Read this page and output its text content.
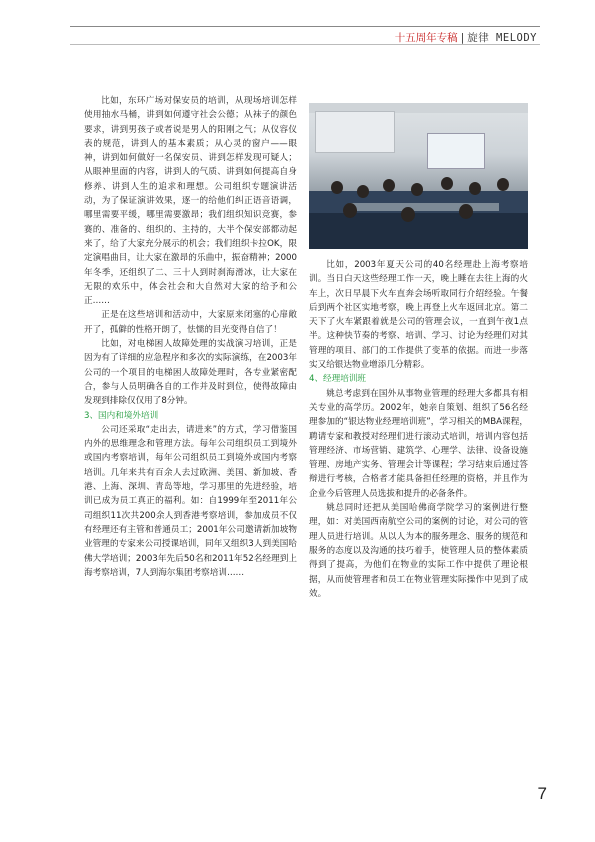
十五周年专稿 | 旋律 MELODY

比如，东环广场对保安员的培训，从现场培训怎样使用抽水马桶，讲到如何遵守社会公德；从袜子的颜色要求，讲到男孩子或者说是男人的阳刚之气；从仪容仪表的规范，讲到人的基本素质；从心灵的窗户——眼神，讲到如何做好一名保安员、讲到怎样发现可疑人；从眼神里面的内容，讲到人的气质、讲到如何提高自身修养、讲到人生的追求和理想。公司组织专题演讲活动，为了保证演讲效果，逐一的给他们纠正语音语调，哪里需要平缓，哪里需要激昂；我们组织知识竞赛，参赛的、准备的、组织的、主持的，大半个保安部都动起来了，给了大家充分展示的机会；我们组织卡拉OK，限定演唱曲目，让大家在激昂的乐曲中，振奋精神；2000年冬季，还组织了二、三十人到时刹海滑冰，让大家在无限的欢乐中，体会社会和大自然对大家的给予和公正……

正是在这些培训和活动中，大家原来闭塞的心扉敞开了，孤僻的性格开朗了，怯懦的目光变得自信了！

比如，对电梯困人故障处理的实战演习培训，正是因为有了详细的应急程序和多次的实际演练，在2003年公司的一个项目的电梯困人故障处理时，各专业紧密配合，参与人员明确各自的工作并及时到位，使得故障由发现到排除仅仅用了8分钟。

3、国内和境外培训

公司还采取“走出去，请进来”的方式，学习借鉴国内外的思维理念和管理方法。每年公司组织员工到境外或国内考察培训，每年公司组织员工到境外或国内考察培训。几年来共有百余人去过欧洲、美国、新加坡、香港、上海、深圳、青岛等地，学习那里的先进经验，培训已成为员工真正的福利。如：自1999年至2011年公司组织11次共200余人到香港考察培训，参加成员不仅有经理还有主管和普通员工；2001年公司邀请新加坡物业管理的专家来公司授课培训，同年又组织3人到美国哈佛大学培训；2003年先后50名和2011年52名经理到上海考察培训，7人到海尔集团考察培训……

比如，2003年夏天公司的40名经理赴上海考察培训。当日白天这些经理工作一天，晚上睡在去往上海的火车上，次日早晨下火车直奔会场听取同行介绍经验。午餐后到两个社区实地考察，晚上再登上火车返回北京。第二天下了火车紧跟着就是公司的管理会议，一直到午夜1点半。这种快节奏的考察、培训、学习、讨论为经理们对其管理的项目、部门的工作提供了变革的依据。而进一步落实又给银达物业增添几分精彩。

4、经理培训班

姚总考虑到在国外从事物业管理的经理大多都具有相关专业的高学历。2002年，她亲自策划、组织了56名经理参加的“银达物业经理培训班”，学习相关的MBA课程，聘请专家和教授对经理们进行滚动式培训，培训内容包括管理经济、市场营销、建筑学、心理学、法律、设备设施管理、房地产实务、管理会计等课程；学习结束后通过答辩进行考核，合格者才能具备担任经理的资格，并且作为企业今后管理人员选拔和提升的必备条件。

姚总同时还把从美国哈佛商学院学习的案例进行整理，如：对美国西南航空公司的案例的讨论，对公司的管理人员进行培训。从以人为本的服务理念、服务的规范和服务的态度以及沟通的技巧着手，使管理人员的整体素质得到了提高，为他们在物业的实际工作中提供了理论根据，从而使管理者和员工在物业管理实际操作中见到了成效。

7
